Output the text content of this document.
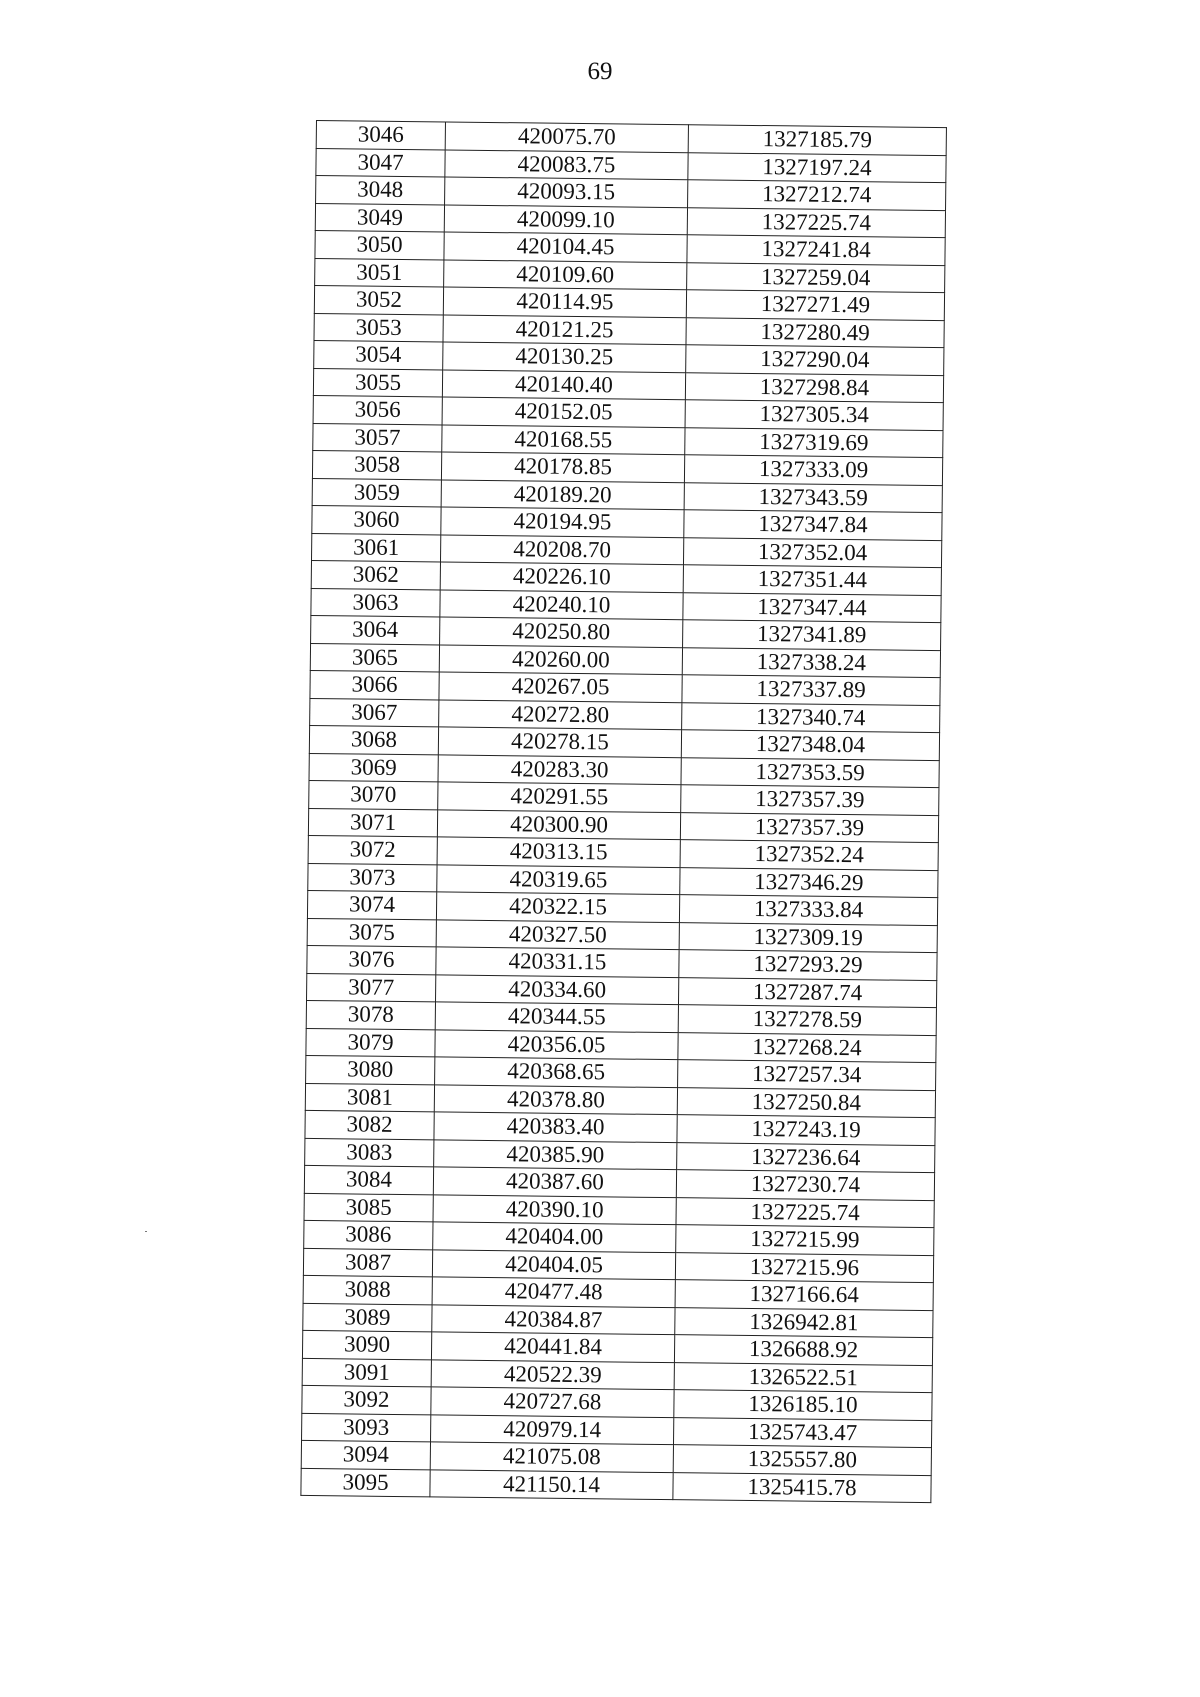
69
3046	420075.70	1327185.79
3047	420083.75	1327197.24
3048	420093.15	1327212.74
3049	420099.10	1327225.74
3050	420104.45	1327241.84
3051	420109.60	1327259.04
3052	420114.95	1327271.49
3053	420121.25	1327280.49
3054	420130.25	1327290.04
3055	420140.40	1327298.84
3056	420152.05	1327305.34
3057	420168.55	1327319.69
3058	420178.85	1327333.09
3059	420189.20	1327343.59
3060	420194.95	1327347.84
3061	420208.70	1327352.04
3062	420226.10	1327351.44
3063	420240.10	1327347.44
3064	420250.80	1327341.89
3065	420260.00	1327338.24
3066	420267.05	1327337.89
3067	420272.80	1327340.74
3068	420278.15	1327348.04
3069	420283.30	1327353.59
3070	420291.55	1327357.39
3071	420300.90	1327357.39
3072	420313.15	1327352.24
3073	420319.65	1327346.29
3074	420322.15	1327333.84
3075	420327.50	1327309.19
3076	420331.15	1327293.29
3077	420334.60	1327287.74
3078	420344.55	1327278.59
3079	420356.05	1327268.24
3080	420368.65	1327257.34
3081	420378.80	1327250.84
3082	420383.40	1327243.19
3083	420385.90	1327236.64
3084	420387.60	1327230.74
3085	420390.10	1327225.74
3086	420404.00	1327215.99
3087	420404.05	1327215.96
3088	420477.48	1327166.64
3089	420384.87	1326942.81
3090	420441.84	1326688.92
3091	420522.39	1326522.51
3092	420727.68	1326185.10
3093	420979.14	1325743.47
3094	421075.08	1325557.80
3095	421150.14	1325415.78
